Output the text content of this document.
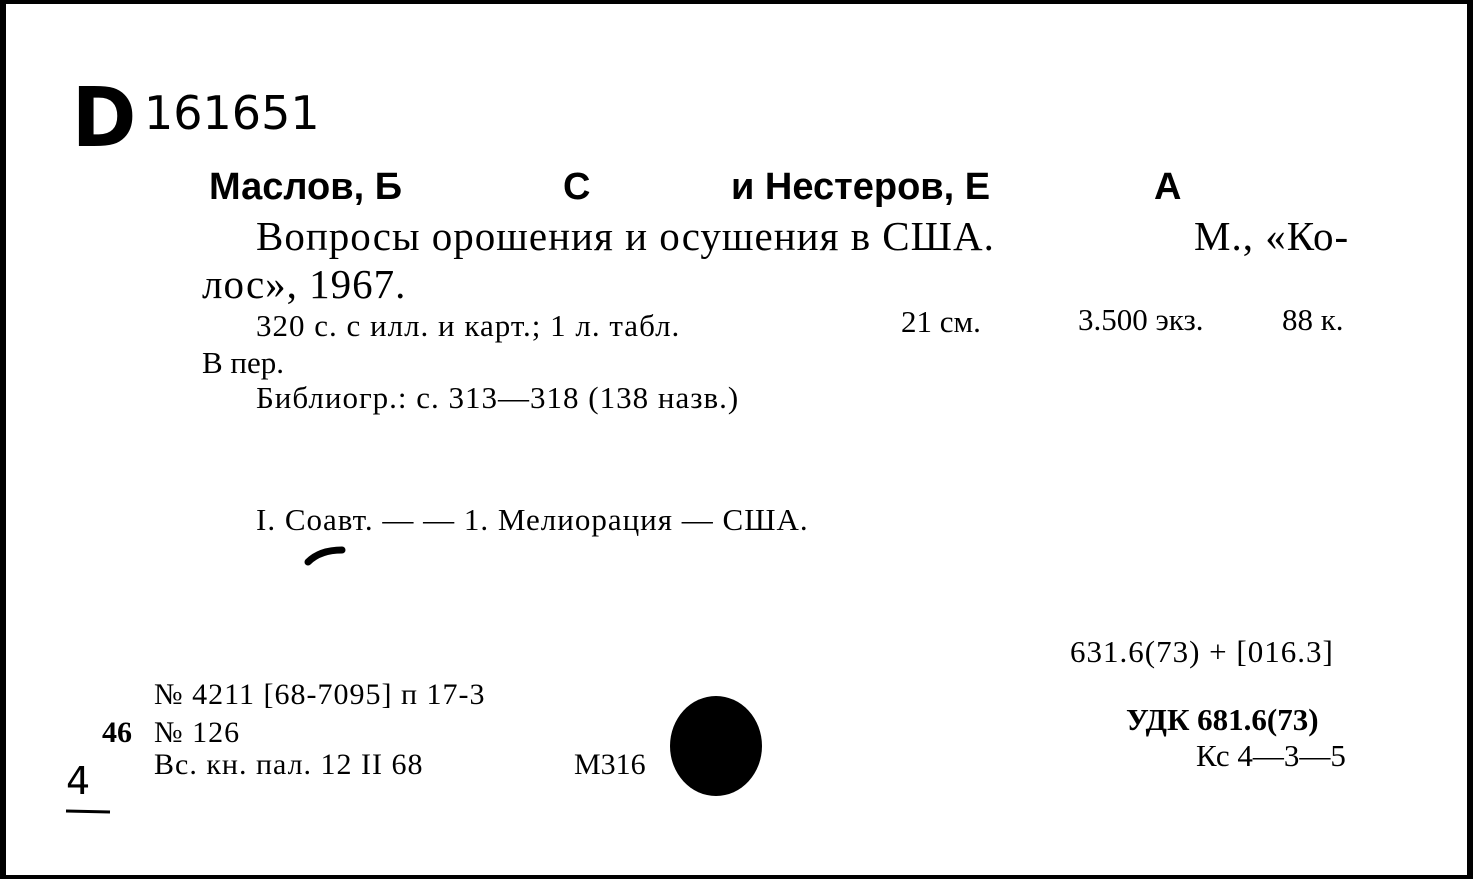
D 161651
Маслов, Б	С	и Нестеров, Е	А
Вопросы орошения и осушения в США.	М., «Ко-
лос», 1967.
320 с. с илл. и карт.; 1 л. табл.	21 см.	3.500 экз.	88 к.
В пер.
Библиогр.: с. 313—318 (138 назв.)
I. Соавт. — — 1. Мелиорация — США.
631.6(73) + [016.3]
№ 4211 [68-7095] п 17-3
46 № 126
Вс. кн. пал. 12 II 68	М316
УДК 681.6(73)
Кс 4—3—5
4
